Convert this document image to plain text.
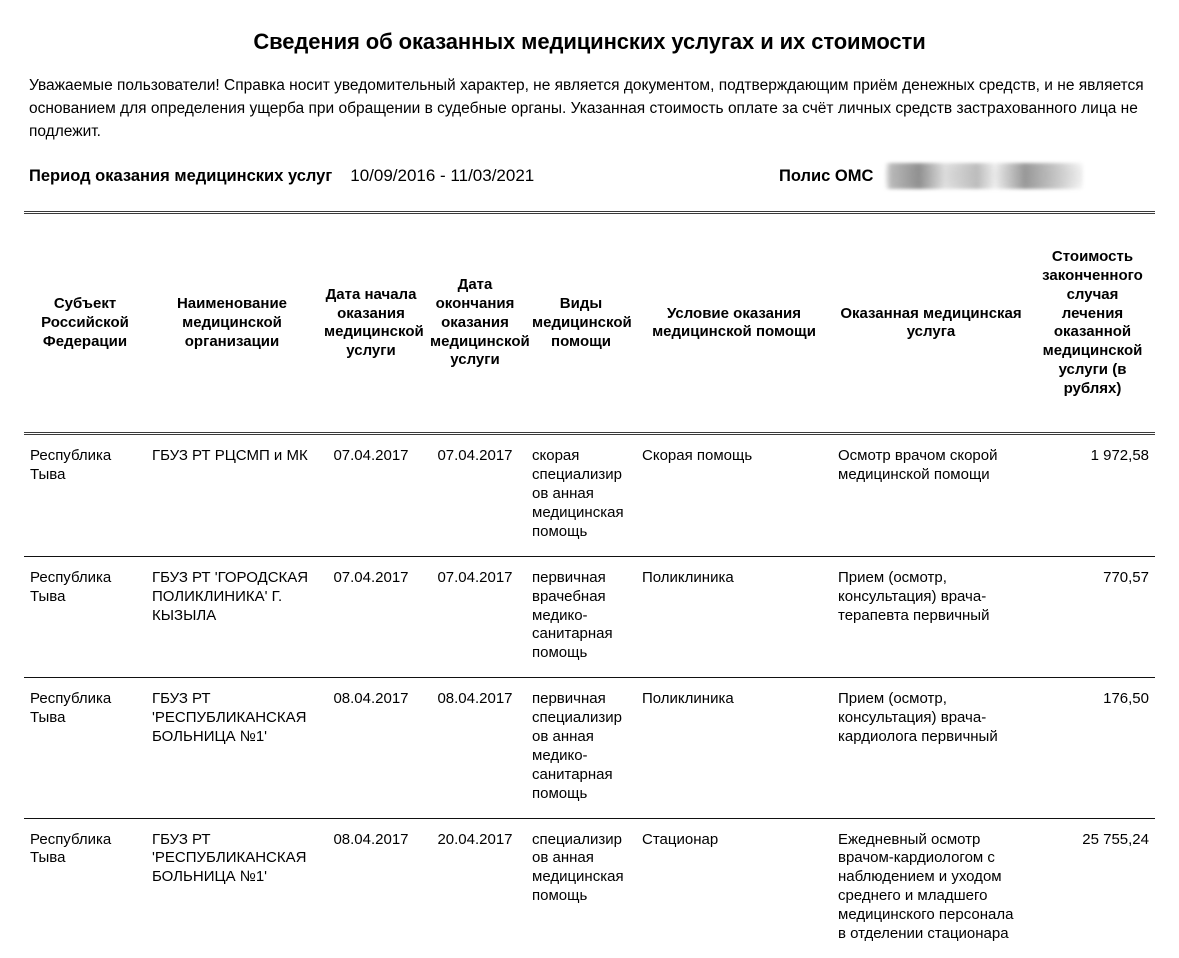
Сведения об оказанных медицинских услугах и их стоимости

Уважаемые пользователи! Справка носит уведомительный характер, не является документом, подтверждающим приём денежных средств, и не является основанием для определения ущерба при обращении в судебные органы. Указанная стоимость оплате за счёт личных средств застрахованного лица не подлежит.

Период оказания медицинских услуг 10/09/2016 - 11/03/2021	Полис ОМС
Субъект Российской Федерации	Наименование медицинской организации	Дата начала оказания медицинской услуги	Дата окончания оказания медицинской услуги	Виды медицинской помощи	Условие оказания медицинской помощи	Оказанная медицинская услуга	Стоимость законченного случая лечения оказанной медицинской услуги (в рублях)
Республика Тыва	ГБУЗ РТ РЦСМП и МК	07.04.2017	07.04.2017	скорая специализиров анная медицинская помощь	Скорая помощь	Осмотр врачом скорой медицинской помощи	1 972,58
Республика Тыва	ГБУЗ РТ 'ГОРОДСКАЯ ПОЛИКЛИНИКА' Г. КЫЗЫЛА	07.04.2017	07.04.2017	первичная врачебная медико-санитарная помощь	Поликлиника	Прием (осмотр, консультация) врача-терапевта первичный	770,57
Республика Тыва	ГБУЗ РТ 'РЕСПУБЛИКАНСКАЯ БОЛЬНИЦА №1'	08.04.2017	08.04.2017	первичная специализиров анная медико-санитарная помощь	Поликлиника	Прием (осмотр, консультация) врача-кардиолога первичный	176,50
Республика Тыва	ГБУЗ РТ 'РЕСПУБЛИКАНСКАЯ БОЛЬНИЦА №1'	08.04.2017	20.04.2017	специализиров анная медицинская помощь	Стационар	Ежедневный осмотр врачом-кардиологом с наблюдением и уходом среднего и младшего медицинского персонала в отделении стационара	25 755,24
